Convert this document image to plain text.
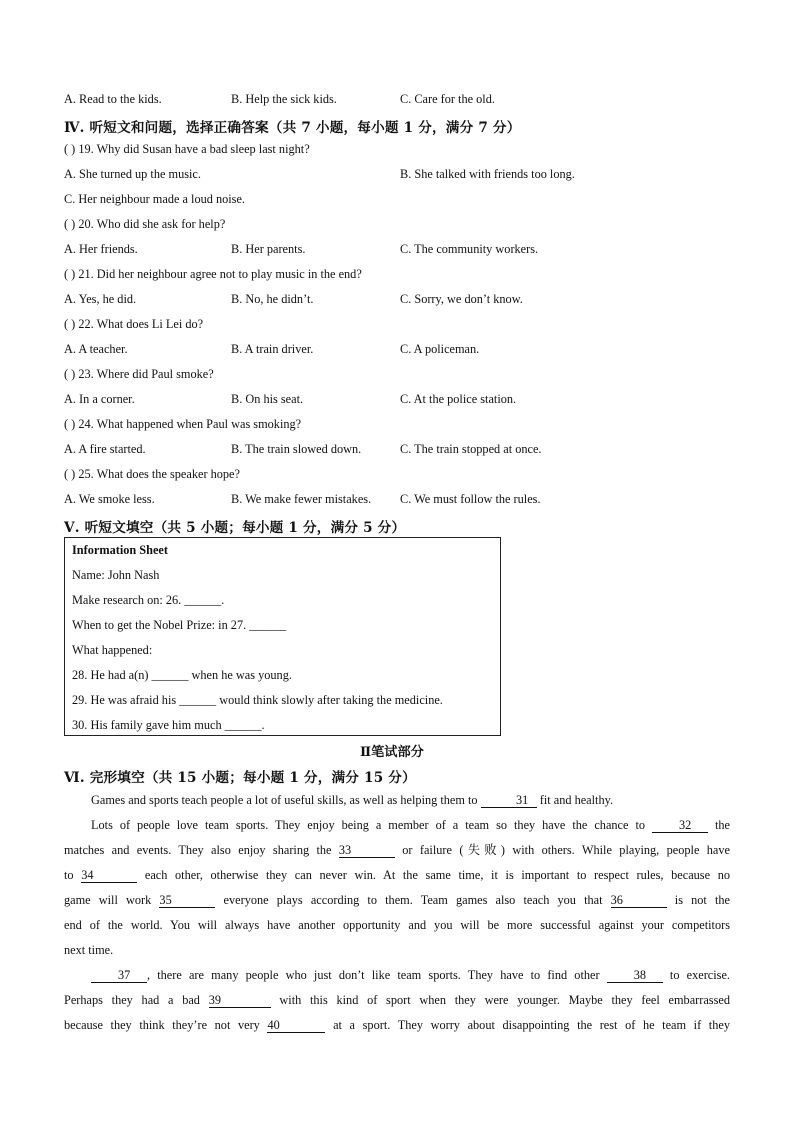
A. Read to the kids.	B. Help the sick kids.	C. Care for the old.
Ⅳ. 听短文和问题，选择正确答案（共 7 小题，每小题 1 分，满分 7 分）
( ) 19. Why did Susan have a bad sleep last night?
A. She turned up the music.	B. She talked with friends too long.
C. Her neighbour made a loud noise.
( ) 20. Who did she ask for help?
A. Her friends.	B. Her parents.	C. The community workers.
( ) 21. Did her neighbour agree not to play music in the end?
A. Yes, he did.	B. No, he didn’t.	C. Sorry, we don’t know.
( ) 22. What does Li Lei do?
A. A teacher.	B. A train driver.	C. A policeman.
( ) 23. Where did Paul smoke?
A. In a corner.	B. On his seat.	C. At the police station.
( ) 24. What happened when Paul was smoking?
A. A fire started.	B. The train slowed down.	C. The train stopped at once.
( ) 25. What does the speaker hope?
A. We smoke less.	B. We make fewer mistakes. C. We must follow the rules.
Ⅴ. 听短文填空（共 5 小题；每小题 1 分，满分 5 分）
Information Sheet
Name: John Nash
Make research on: 26. ______.
When to get the Nobel Prize: in 27. ______
What happened:
28. He had a(n) ______ when he was young.
29. He was afraid his ______ would think slowly after taking the medicine.
30. His family gave him much ______.
Ⅱ笔试部分
Ⅵ. 完形填空（共 15 小题；每小题 1 分，满分 15 分）
Games and sports teach people a lot of useful skills, as well as helping them to	31 fit and healthy.
Lots of people love team sports. They enjoy being a member of a team so they have the chance to 32 the
matches and events. They also enjoy sharing the 33	or failure (失败) with others. While playing, people have
to 34	each other, otherwise they can never win. At the same time, it is important to respect rules, because no
game will work 35	everyone plays according to them. Team games also teach you that 36	is not the
end of the world. You will always have another opportunity and you will be more successful against your competitors
next time.
37 , there are many people who just don’t like team sports. They have to find other 38 to exercise.
Perhaps they had a bad 39	with this kind of sport when they were younger. Maybe they feel embarrassed
because they think they’re not very 40	at a sport. They worry about disappointing the rest of he team if they
